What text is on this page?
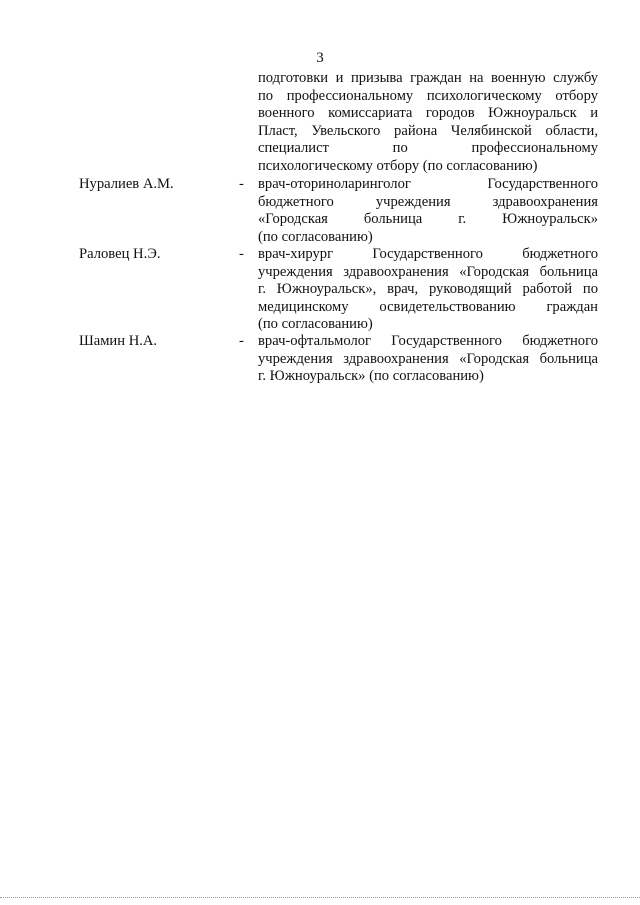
3
подготовки и призыва граждан на военную службу
по профессиональному психологическому отбору
военного комиссариата городов Южноуральск и
Пласт, Увельского района Челябинской области,
специалист по профессиональному
психологическому отбору (по согласованию)
Нуралиев А.М.	- врач-оториноларинголог Государственного
бюджетного учреждения здравоохранения
«Городская больница г. Южноуральск»
(по согласованию)
Раловец Н.Э.	- врач-хирург Государственного бюджетного
учреждения здравоохранения «Городская больница
г. Южноуральск», врач, руководящий работой по
медицинскому освидетельствованию граждан
(по согласованию)
Шамин Н.А.	- врач-офтальмолог Государственного бюджетного
учреждения здравоохранения «Городская больница
г. Южноуральск» (по согласованию)
